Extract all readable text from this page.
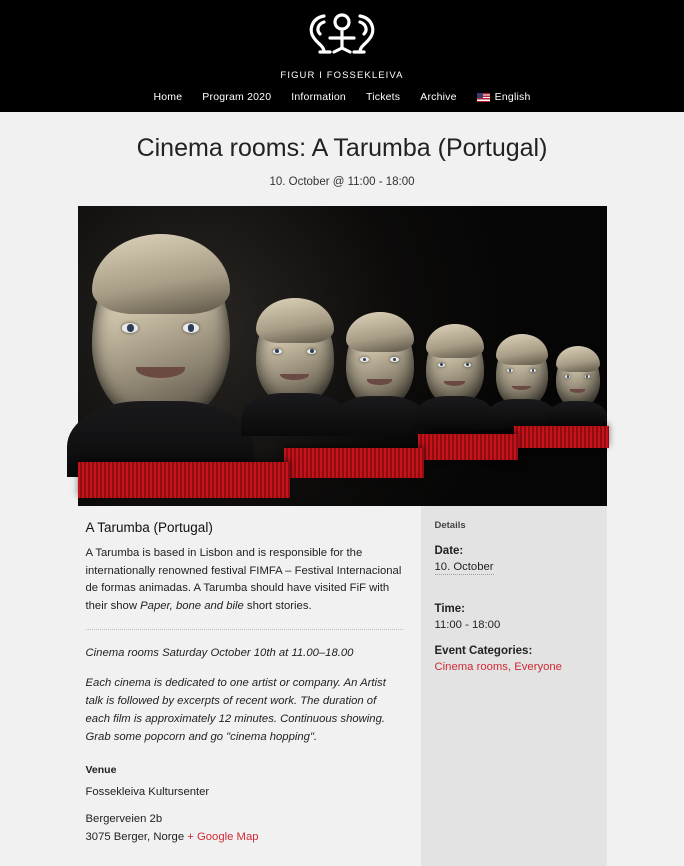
FIGUR I FOSSEKLEIVA
Home Program 2020 Information Tickets Archive	English
Cinema rooms: A Tarumba (Portugal)
10. October @ 11:00 - 18:00
A Tarumba (Portugal)

A Tarumba is based in Lisbon and is responsible for the internationally renowned festival FIMFA – Festival Internacional de formas animadas. A Tarumba should have visited FiF with their show Paper, bone and bile short stories.

Cinema rooms Saturday October 10th at 11.00–18.00

Each cinema is dedicated to one artist or company. An Artist talk is followed by excerpts of recent work. The duration of each film is approximately 12 minutes. Continuous showing. Grab some popcorn and go "cinema hopping".

Venue
Fossekleiva Kultursenter
Bergerveien 2b
3075 Berger, Norge + Google Map
Details
Date:
10. October
Time:
11:00 - 18:00
Event Categories:

Cinema rooms, Everyone
